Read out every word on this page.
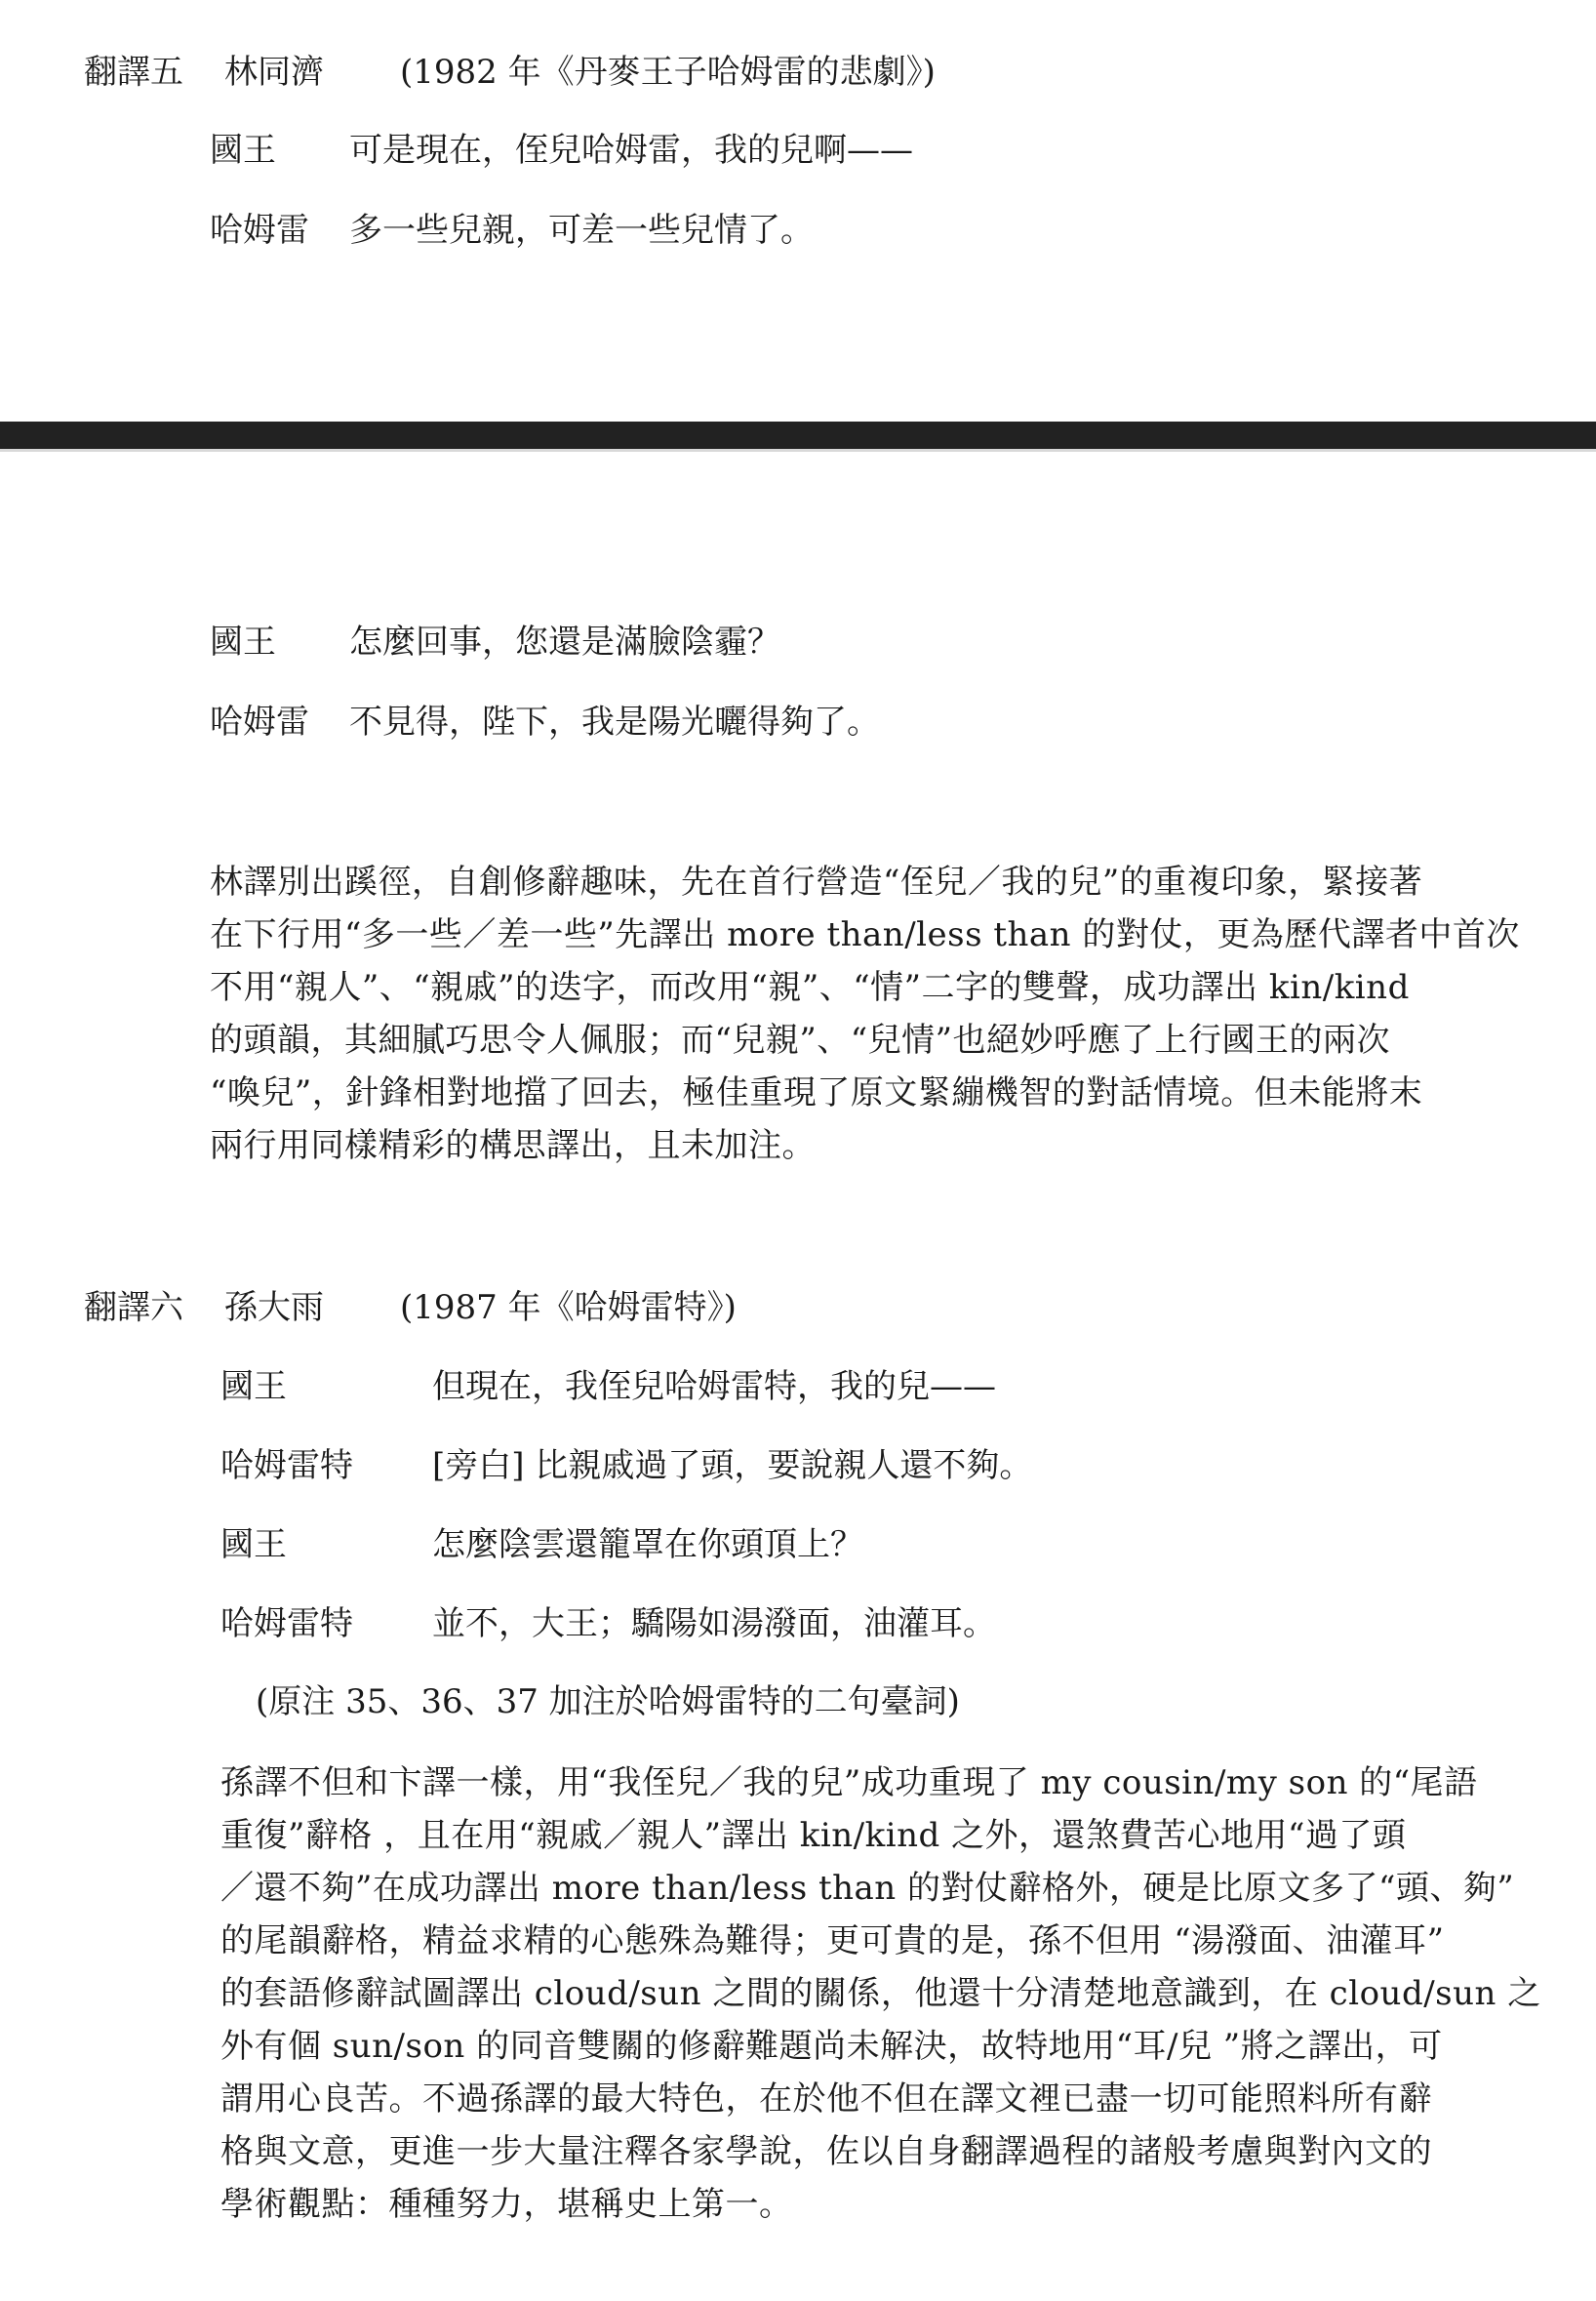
翻譯五 林同濟 (1982 年《丹麥王子哈姆雷的悲劇》)
國王 可是現在，侄兒哈姆雷，我的兒啊——
哈姆雷 多一些兒親，可差一些兒情了。
國王 怎麼回事，您還是滿臉陰霾？
哈姆雷 不見得，陛下，我是陽光曬得夠了。
林譯別出蹊徑，自創修辭趣味，先在首行營造“侄兒／我的兒”的重複印象，緊接著
在下行用“多一些／差一些”先譯出 more than/less than 的對仗，更為歷代譯者中首次
不用“親人”、“親戚”的迭字，而改用“親”、“情”二字的雙聲，成功譯出 kin/kind
的頭韻，其細膩巧思令人佩服；而“兒親”、“兒情”也絕妙呼應了上行國王的兩次
“喚兒”，針鋒相對地擋了回去，極佳重現了原文緊繃機智的對話情境。但未能將末
兩行用同樣精彩的構思譯出，且未加注。
翻譯六 孫大雨 (1987 年《哈姆雷特》)
國王	但現在，我侄兒哈姆雷特，我的兒——
哈姆雷特 [旁白] 比親戚過了頭，要說親人還不夠。
國王	怎麼陰雲還籠罩在你頭頂上？
哈姆雷特 並不，大王；驕陽如湯潑面，油灌耳。
(原注 35、36、37 加注於哈姆雷特的二句臺詞)
孫譯不但和卞譯一樣，用“我侄兒／我的兒”成功重現了 my cousin/my son 的“尾語
重復”辭格 ，且在用“親戚／親人”譯出 kin/kind 之外，還煞費苦心地用“過了頭
／還不夠”在成功譯出 more than/less than 的對仗辭格外，硬是比原文多了“頭、夠”
的尾韻辭格，精益求精的心態殊為難得；更可貴的是，孫不但用 “湯潑面、油灌耳”
的套語修辭試圖譯出 cloud/sun 之間的關係，他還十分清楚地意識到，在 cloud/sun 之
外有個 sun/son 的同音雙關的修辭難題尚未解決，故特地用“耳/兒 ”將之譯出，可
謂用心良苦。不過孫譯的最大特色，在於他不但在譯文裡已盡一切可能照料所有辭
格與文意，更進一步大量注釋各家學說，佐以自身翻譯過程的諸般考慮與對內文的
學術觀點：種種努力，堪稱史上第一。
